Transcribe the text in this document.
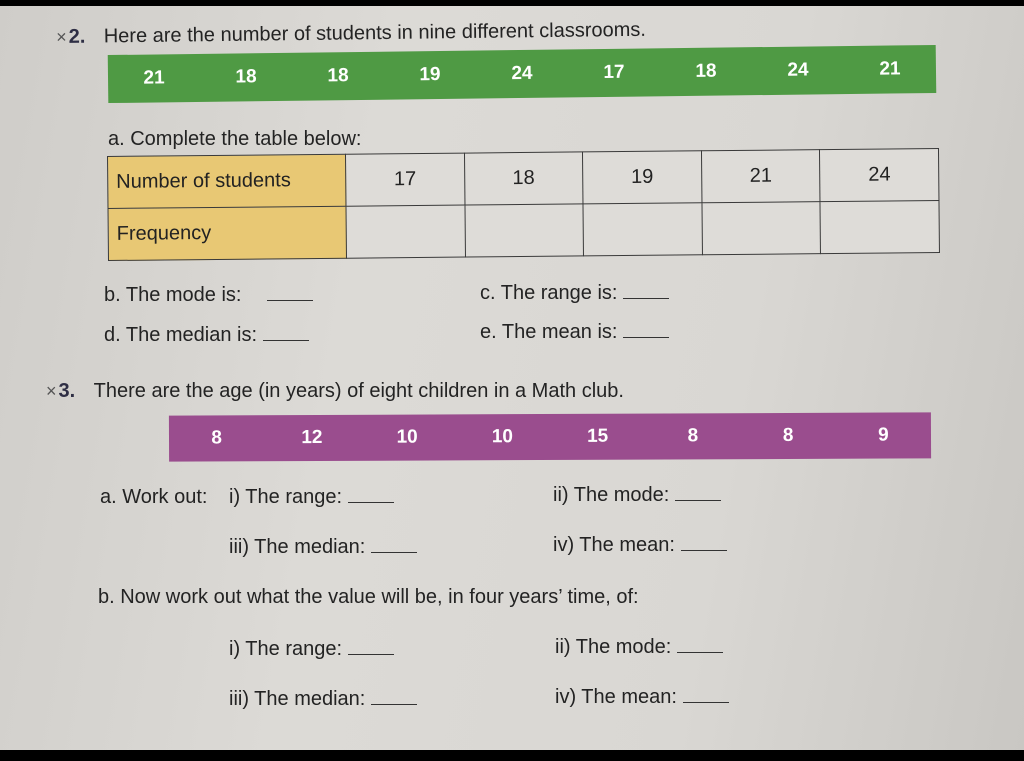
×2. Here are the number of students in nine different classrooms.
21	18	18	19	24	17	18	24	21
a. Complete the table below:
Number of students	17	18	19	21	24
Frequency					
b. The mode is:	c. The range is:
d. The median is:	e. The mean is:
× 3. There are the age (in years) of eight children in a Math club.
8	12	10	10	15	8	8	9
a. Work out: i) The range:	ii) The mode:
iii) The median:	iv) The mean:
b. Now work out what the value will be, in four years’ time, of:
i) The range:	ii) The mode:
iii) The median:	iv) The mean:
